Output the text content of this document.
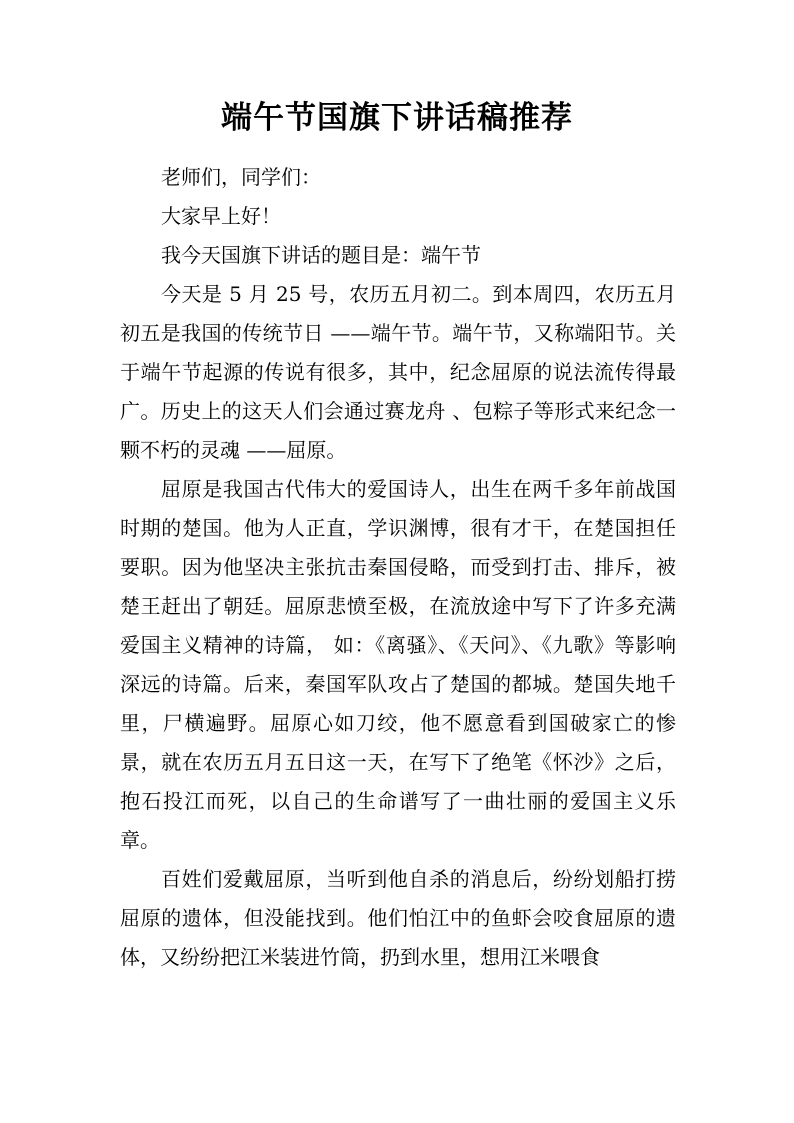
端午节国旗下讲话稿推荐

老师们，同学们：

大家早上好！

我今天国旗下讲话的题目是：端午节

今天是 5 月 25 号，农历五月初二。到本周四，农历五月初五是我国的传统节日 ——端午节。端午节，又称端阳节。关于端午节起源的传说有很多，其中，纪念屈原的说法流传得最广。历史上的这天人们会通过赛龙舟 、包粽子等形式来纪念一颗不朽的灵魂 ——屈原。

屈原是我国古代伟大的爱国诗人，出生在两千多年前战国时期的楚国。他为人正直，学识渊博，很有才干，在楚国担任要职。因为他坚决主张抗击秦国侵略，而受到打击、排斥，被楚王赶出了朝廷。屈原悲愤至极，在流放途中写下了许多充满爱国主义精神的诗篇， 如：《离骚》、《天问》、《九歌》等影响深远的诗篇。后来，秦国军队攻占了楚国的都城。楚国失地千里，尸横遍野。屈原心如刀绞，他不愿意看到国破家亡的惨景，就在农历五月五日这一天，在写下了绝笔《怀沙》之后，抱石投江而死，以自己的生命谱写了一曲壮丽的爱国主义乐章。

百姓们爱戴屈原，当听到他自杀的消息后，纷纷划船打捞屈原的遗体，但没能找到。他们怕江中的鱼虾会咬食屈原的遗体，又纷纷把江米装进竹筒，扔到水里，想用江米喂食
